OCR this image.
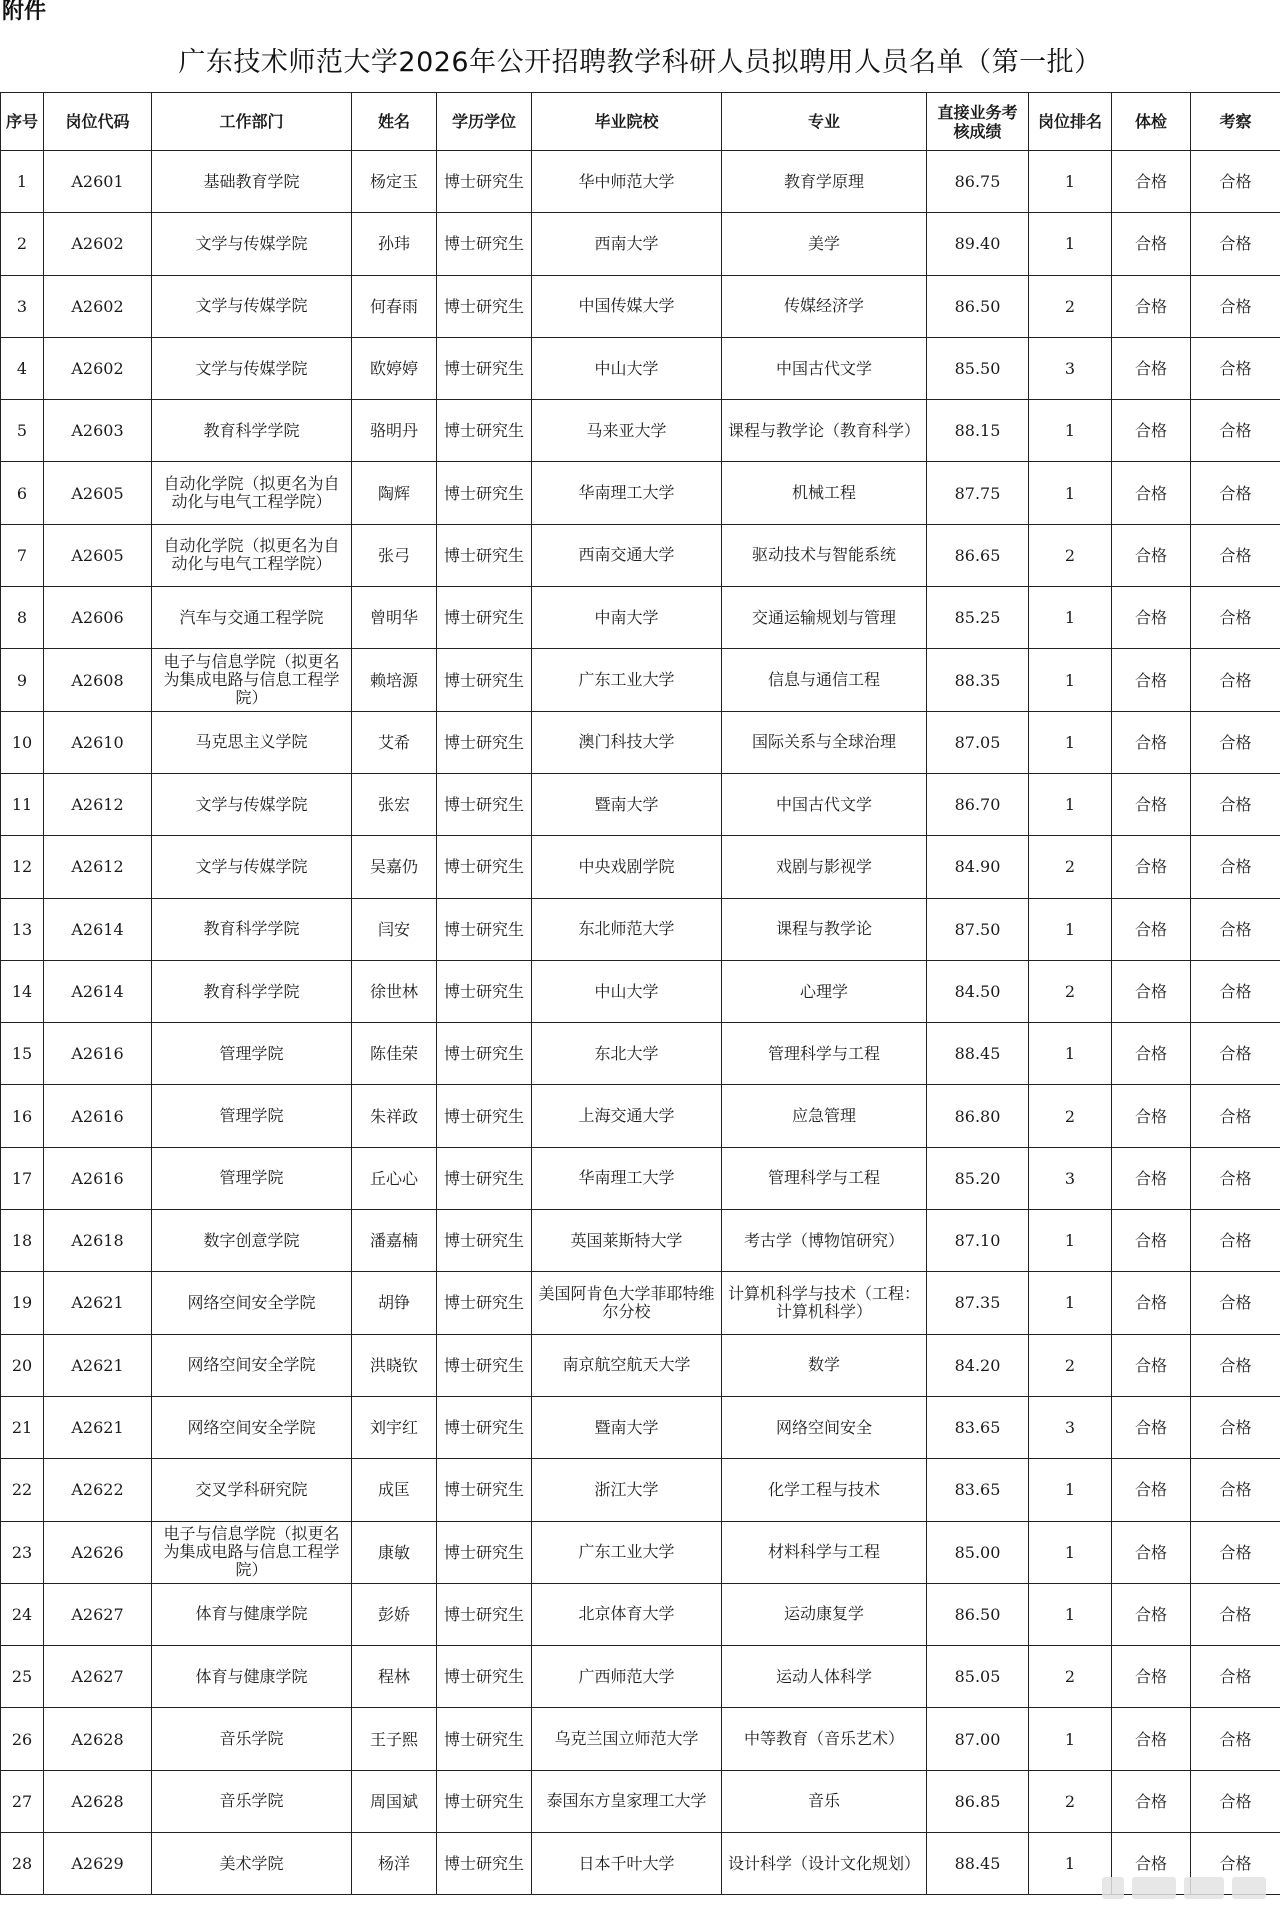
附件
广东技术师范大学2026年公开招聘教学科研人员拟聘用人员名单（第一批）
序号	岗位代码	工作部门	姓名	学历学位	毕业院校	专业	直接业务考核成绩	岗位排名	体检	考察
1	A2601	基础教育学院	杨定玉	博士研究生	华中师范大学	教育学原理	86.75	1	合格	合格
2	A2602	文学与传媒学院	孙玮	博士研究生	西南大学	美学	89.40	1	合格	合格
3	A2602	文学与传媒学院	何春雨	博士研究生	中国传媒大学	传媒经济学	86.50	2	合格	合格
4	A2602	文学与传媒学院	欧婷婷	博士研究生	中山大学	中国古代文学	85.50	3	合格	合格
5	A2603	教育科学学院	骆明丹	博士研究生	马来亚大学	课程与教学论（教育科学）	88.15	1	合格	合格
6	A2605	自动化学院（拟更名为自动化与电气工程学院）	陶辉	博士研究生	华南理工大学	机械工程	87.75	1	合格	合格
7	A2605	自动化学院（拟更名为自动化与电气工程学院）	张弓	博士研究生	西南交通大学	驱动技术与智能系统	86.65	2	合格	合格
8	A2606	汽车与交通工程学院	曾明华	博士研究生	中南大学	交通运输规划与管理	85.25	1	合格	合格
9	A2608	电子与信息学院（拟更名为集成电路与信息工程学院）	赖培源	博士研究生	广东工业大学	信息与通信工程	88.35	1	合格	合格
10	A2610	马克思主义学院	艾希	博士研究生	澳门科技大学	国际关系与全球治理	87.05	1	合格	合格
11	A2612	文学与传媒学院	张宏	博士研究生	暨南大学	中国古代文学	86.70	1	合格	合格
12	A2612	文学与传媒学院	吴嘉仍	博士研究生	中央戏剧学院	戏剧与影视学	84.90	2	合格	合格
13	A2614	教育科学学院	闫安	博士研究生	东北师范大学	课程与教学论	87.50	1	合格	合格
14	A2614	教育科学学院	徐世林	博士研究生	中山大学	心理学	84.50	2	合格	合格
15	A2616	管理学院	陈佳荣	博士研究生	东北大学	管理科学与工程	88.45	1	合格	合格
16	A2616	管理学院	朱祥政	博士研究生	上海交通大学	应急管理	86.80	2	合格	合格
17	A2616	管理学院	丘心心	博士研究生	华南理工大学	管理科学与工程	85.20	3	合格	合格
18	A2618	数字创意学院	潘嘉楠	博士研究生	英国莱斯特大学	考古学（博物馆研究）	87.10	1	合格	合格
19	A2621	网络空间安全学院	胡铮	博士研究生	美国阿肯色大学菲耶特维尔分校	计算机科学与技术（工程：计算机科学）	87.35	1	合格	合格
20	A2621	网络空间安全学院	洪晓钦	博士研究生	南京航空航天大学	数学	84.20	2	合格	合格
21	A2621	网络空间安全学院	刘宇红	博士研究生	暨南大学	网络空间安全	83.65	3	合格	合格
22	A2622	交叉学科研究院	成匡	博士研究生	浙江大学	化学工程与技术	83.65	1	合格	合格
23	A2626	电子与信息学院（拟更名为集成电路与信息工程学院）	康敏	博士研究生	广东工业大学	材料科学与工程	85.00	1	合格	合格
24	A2627	体育与健康学院	彭娇	博士研究生	北京体育大学	运动康复学	86.50	1	合格	合格
25	A2627	体育与健康学院	程林	博士研究生	广西师范大学	运动人体科学	85.05	2	合格	合格
26	A2628	音乐学院	王子熙	博士研究生	乌克兰国立师范大学	中等教育（音乐艺术）	87.00	1	合格	合格
27	A2628	音乐学院	周国斌	博士研究生	泰国东方皇家理工大学	音乐	86.85	2	合格	合格
28	A2629	美术学院	杨洋	博士研究生	日本千叶大学	设计科学（设计文化规划）	88.45	1	合格	合格
